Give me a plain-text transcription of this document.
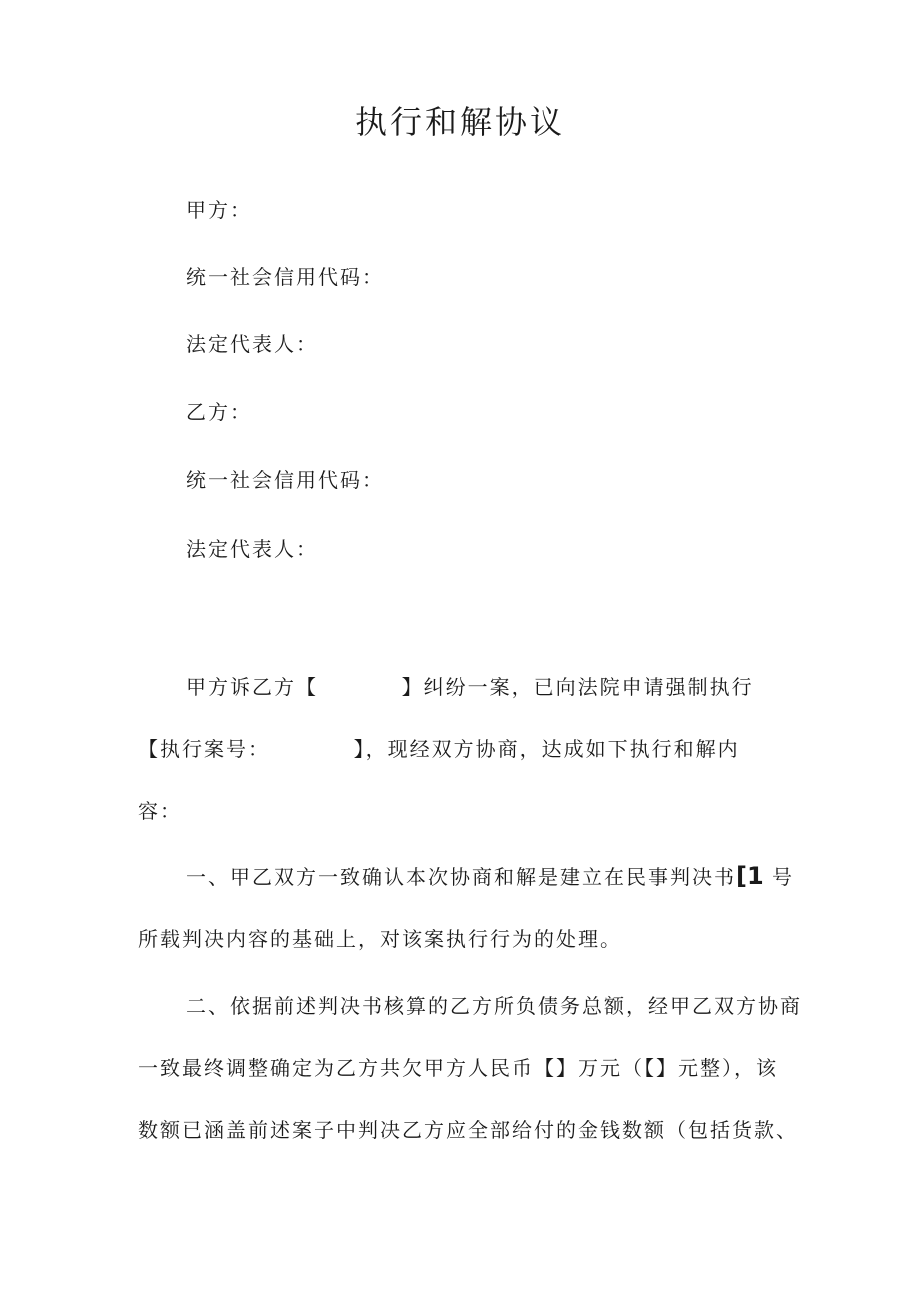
执行和解协议
甲方：
统一社会信用代码：
法定代表人：
乙方：
统一社会信用代码：
法定代表人：
甲方诉乙方【          】纠纷一案，已向法院申请强制执行
【执行案号：          】，现经双方协商，达成如下执行和解内
容：
一、甲乙双方一致确认本次协商和解是建立在民事判决书[1 号
所载判决内容的基础上，对该案执行行为的处理。
二、依据前述判决书核算的乙方所负债务总额，经甲乙双方协商
一致最终调整确定为乙方共欠甲方人民币【】万元（【】元整），该
数额已涵盖前述案子中判决乙方应全部给付的金钱数额（包括货款、
